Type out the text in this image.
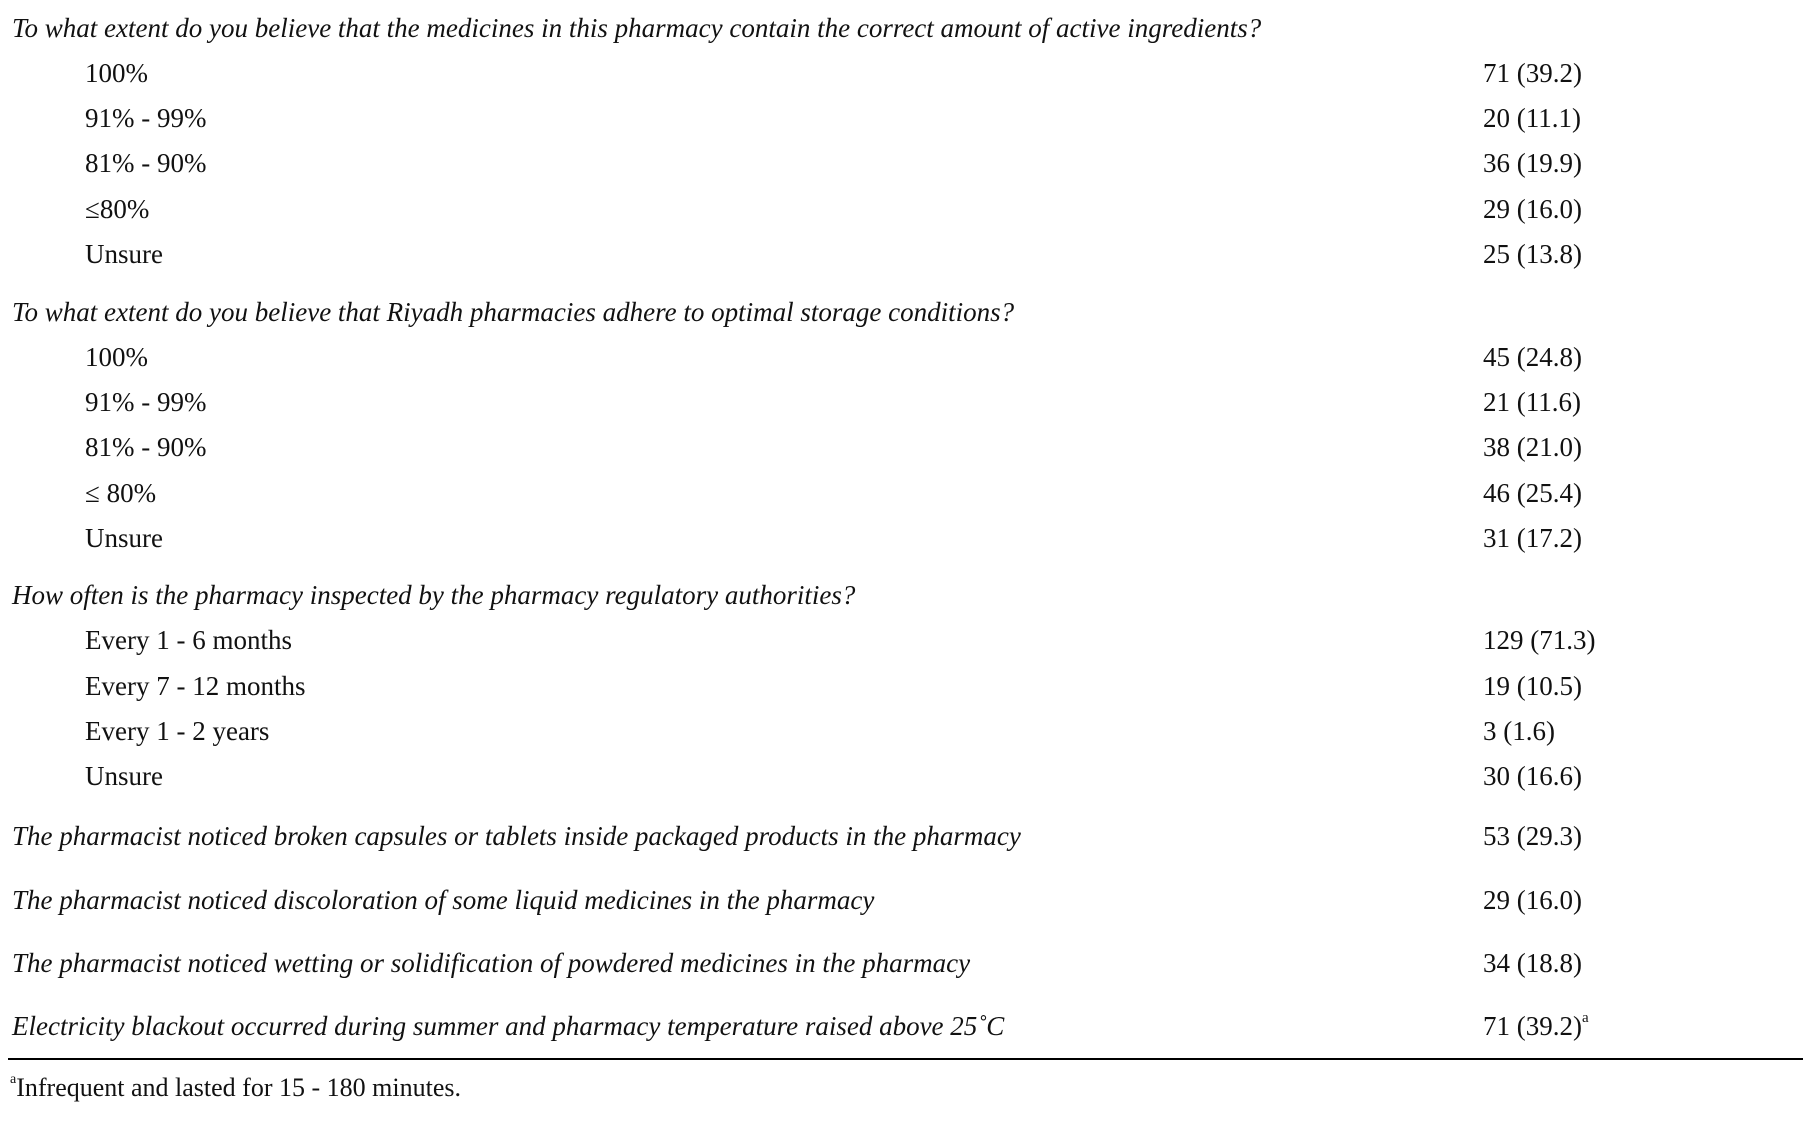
To what extent do you believe that the medicines in this pharmacy contain the correct amount of active ingredients?
100%	71 (39.2)
91% - 99%	20 (11.1)
81% - 90%	36 (19.9)
≤80%	29 (16.0)
Unsure	25 (13.8)
To what extent do you believe that Riyadh pharmacies adhere to optimal storage conditions?
100%	45 (24.8)
91% - 99%	21 (11.6)
81% - 90%	38 (21.0)
≤ 80%	46 (25.4)
Unsure	31 (17.2)
How often is the pharmacy inspected by the pharmacy regulatory authorities?
Every 1 - 6 months	129 (71.3)
Every 7 - 12 months	19 (10.5)
Every 1 - 2 years	3 (1.6)
Unsure	30 (16.6)
The pharmacist noticed broken capsules or tablets inside packaged products in the pharmacy	53 (29.3)
The pharmacist noticed discoloration of some liquid medicines in the pharmacy	29 (16.0)
The pharmacist noticed wetting or solidification of powdered medicines in the pharmacy	34 (18.8)
Electricity blackout occurred during summer and pharmacy temperature raised above 25˚C	71 $(39.2)^a$
$^a$Infrequent and lasted for 15 - 180 minutes.
